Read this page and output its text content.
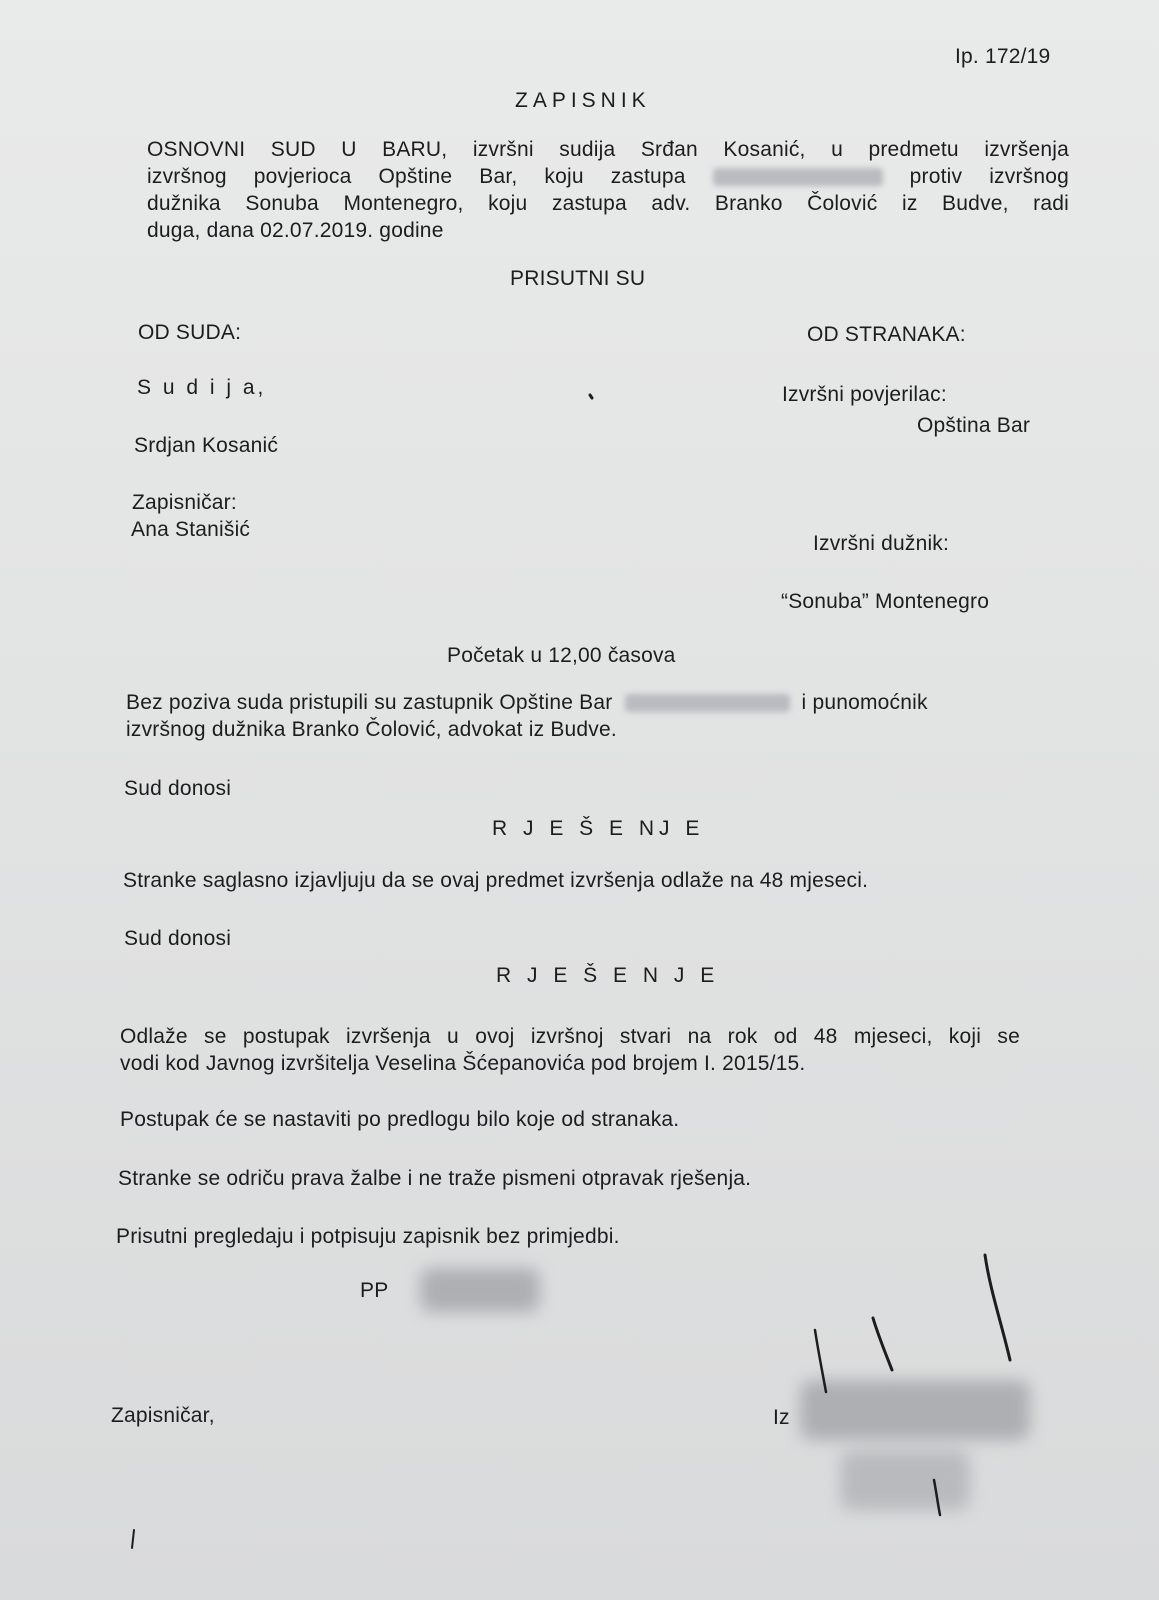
Ip. 172/19
ZAPISNIK
OSNOVNI SUD U BARU, izvršni sudija Srđan Kosanić, u predmetu izvršenja
izvršnog povjerioca Opštine Bar, koju zastupa	protiv izvršnog
dužnika Sonuba Montenegro, koju zastupa adv. Branko Čolović iz Budve, radi
duga, dana 02.07.2019. godine
PRISUTNI SU
OD SUDA:	OD STRANAKA:
S u d i j a,
Srdjan Kosanić
Zapisničar:
Ana Stanišić
Izvršni povjerilac:
Opština Bar
Izvršni dužnik:
“Sonuba” Montenegro
Početak u 12,00 časova
Bez poziva suda pristupili su zastupnik Opštine Bar	i punomoćnik
izvršnog dužnika Branko Čolović, advokat iz Budve.
Sud donosi
R J E Š E NJ E
Stranke saglasno izjavljuju da se ovaj predmet izvršenja odlaže na 48 mjeseci.
Sud donosi
R J E Š E N J E
Odlaže se postupak izvršenja u ovoj izvršnoj stvari na rok od 48 mjeseci, koji se
vodi kod Javnog izvršitelja Veselina Šćepanovića pod brojem I. 2015/15.
Postupak će se nastaviti po predlogu bilo koje od stranaka.
Stranke se odriču prava žalbe i ne traže pismeni otpravak rješenja.
Prisutni pregledaju i potpisuju zapisnik bez primjedbi.
PP
Zapisničar,	Iz
